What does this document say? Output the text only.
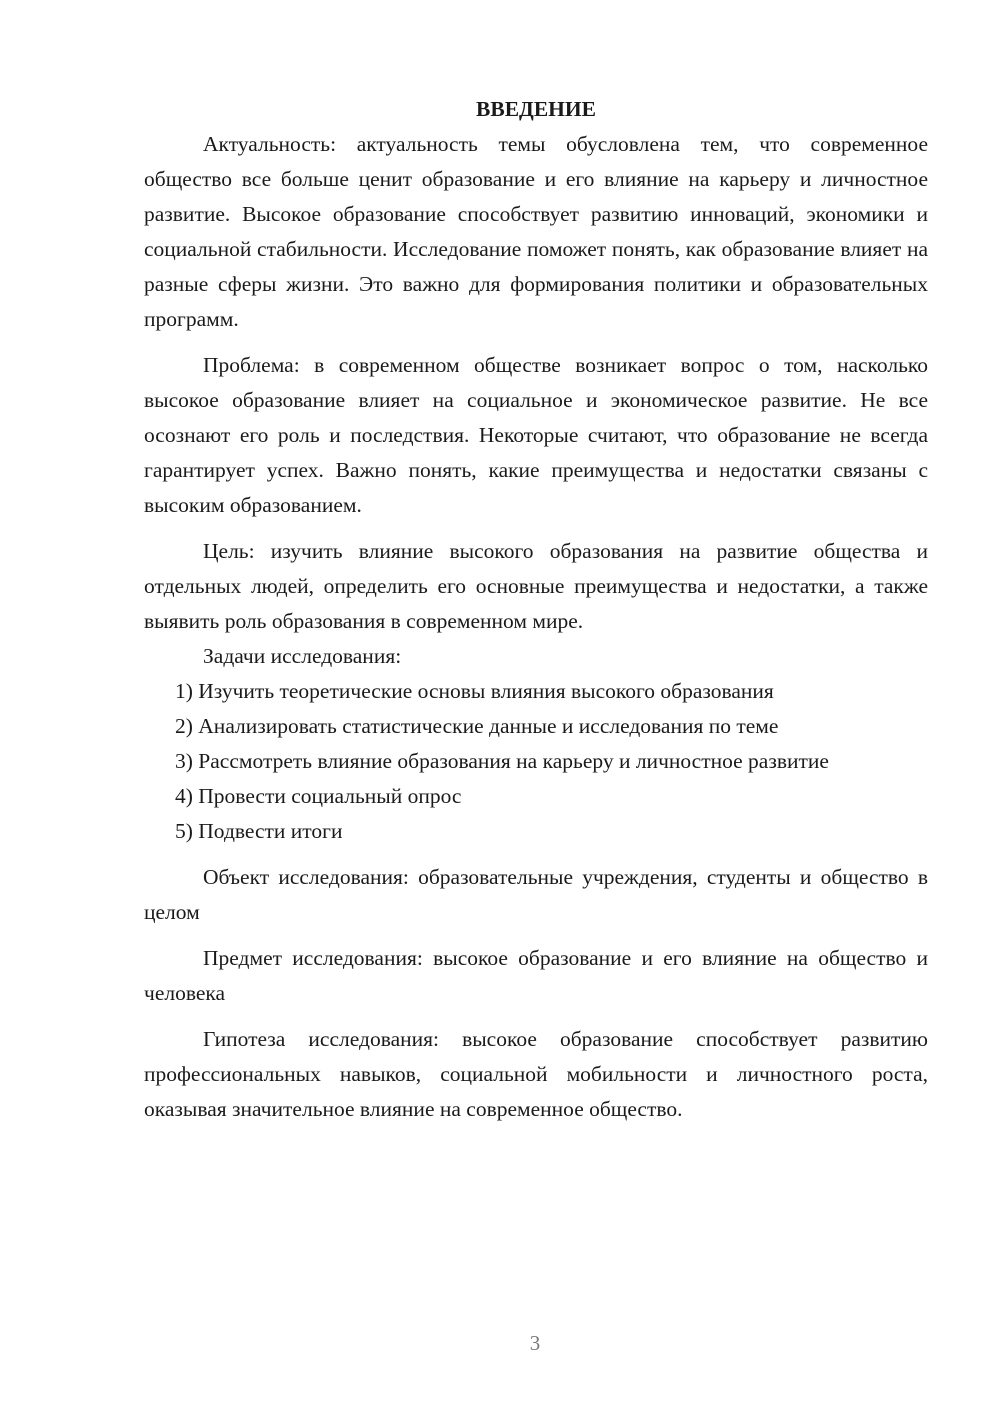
ВВЕДЕНИЕ

Актуальность: актуальность темы обусловлена тем, что современное общество все больше ценит образование и его влияние на карьеру и личностное развитие. Высокое образование способствует развитию инноваций, экономики и социальной стабильности. Исследование поможет понять, как образование влияет на разные сферы жизни. Это важно для формирования политики и образовательных программ.

Проблема: в современном обществе возникает вопрос о том, насколько высокое образование влияет на социальное и экономическое развитие. Не все осознают его роль и последствия. Некоторые считают, что образование не всегда гарантирует успех. Важно понять, какие преимущества и недостатки связаны с высоким образованием.

Цель: изучить влияние высокого образования на развитие общества и отдельных людей, определить его основные преимущества и недостатки, а также выявить роль образования в современном мире.

Задачи исследования:

1) Изучить теоретические основы влияния высокого образования

2) Анализировать статистические данные и исследования по теме

3) Рассмотреть влияние образования на карьеру и личностное развитие

4) Провести социальный опрос

5) Подвести итоги

Объект исследования: образовательные учреждения, студенты и общество в целом

Предмет исследования: высокое образование и его влияние на общество и человека

Гипотеза исследования: высокое образование способствует развитию профессиональных навыков, социальной мобильности и личностного роста, оказывая значительное влияние на современное общество.

3
